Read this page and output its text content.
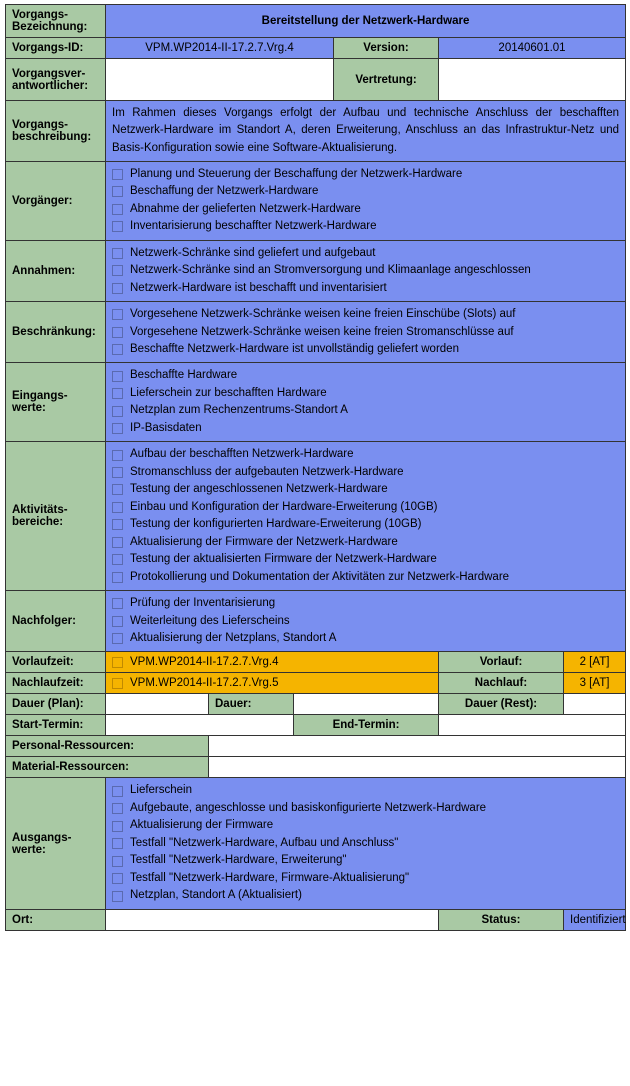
Vorgangs-
Bezeichnung:	Bereitstellung der Netzwerk-Hardware					
Vorgangs-ID:	VPM.WP2014-II-17.2.7.Vrg.4			Version:	20140601.01	
Vorgangsver-
antwortlicher:				Vertretung:		
Vorgangs-
beschreibung:	Im Rahmen dieses Vorgangs erfolgt der Aufbau und technische Anschluss der beschafften Netzwerk-Hardware im Standort A, deren Erweiterung, Anschluss an das Infrastruktur-Netz und Basis-Konfiguration sowie eine Software-Aktualisierung.					
Vorgänger:	
Planung und Steuerung der Beschaffung der Netzwerk-Hardware
Beschaffung der Netzwerk-Hardware
Abnahme der gelieferten Netzwerk-Hardware
Inventarisierung beschaffter Netzwerk-Hardware

Annahmen:	
Netzwerk-Schränke sind geliefert und aufgebaut
Netzwerk-Schränke sind an Stromversorgung und Klimaanlage angeschlossen
Netzwerk-Hardware ist beschafft und inventarisiert

Beschränkung:	
Vorgesehene Netzwerk-Schränke weisen keine freien Einschübe (Slots) auf
Vorgesehene Netzwerk-Schränke weisen keine freien Stromanschlüsse auf
Beschaffte Netzwerk-Hardware ist unvollständig geliefert worden

Eingangs-
werte:	
Beschaffte Hardware
Lieferschein zur beschafften Hardware
Netzplan zum Rechenzentrums-Standort A
IP-Basisdaten

Aktivitäts-
bereiche:	
Aufbau der beschafften Netzwerk-Hardware
Stromanschluss der aufgebauten Netzwerk-Hardware
Testung der angeschlossenen Netzwerk-Hardware
Einbau und Konfiguration der Hardware-Erweiterung (10GB)
Testung der konfigurierten Hardware-Erweiterung (10GB)
Aktualisierung der Firmware der Netzwerk-Hardware
Testung der aktualisierten Firmware der Netzwerk-Hardware
Protokollierung und Dokumentation der Aktivitäten zur Netzwerk-Hardware

Nachfolger:	
Prüfung der Inventarisierung
Weiterleitung des Lieferscheins
Aktualisierung der Netzplans, Standort A

Vorlaufzeit:	VPM.WP2014-II-17.2.7.Vrg.4				Vorlauf:	2 [AT]
Nachlaufzeit:	VPM.WP2014-II-17.2.7.Vrg.5				Nachlauf:	3 [AT]
Dauer (Plan):		Dauer:			Dauer (Rest):	
Start-Termin:			End-Termin:			
Personal-Ressourcen:						
Material-Ressourcen:						
Ausgangs-
werte:	
Lieferschein
Aufgebaute, angeschlosse und basiskonfigurierte Netzwerk-Hardware
Aktualisierung der Firmware
Testfall "Netzwerk-Hardware, Aufbau und Anschluss"
Testfall "Netzwerk-Hardware, Erweiterung"
Testfall "Netzwerk-Hardware, Firmware-Aktualisierung"
Netzplan, Standort A (Aktualisiert)

Ort:					Status:	Identifiziert
